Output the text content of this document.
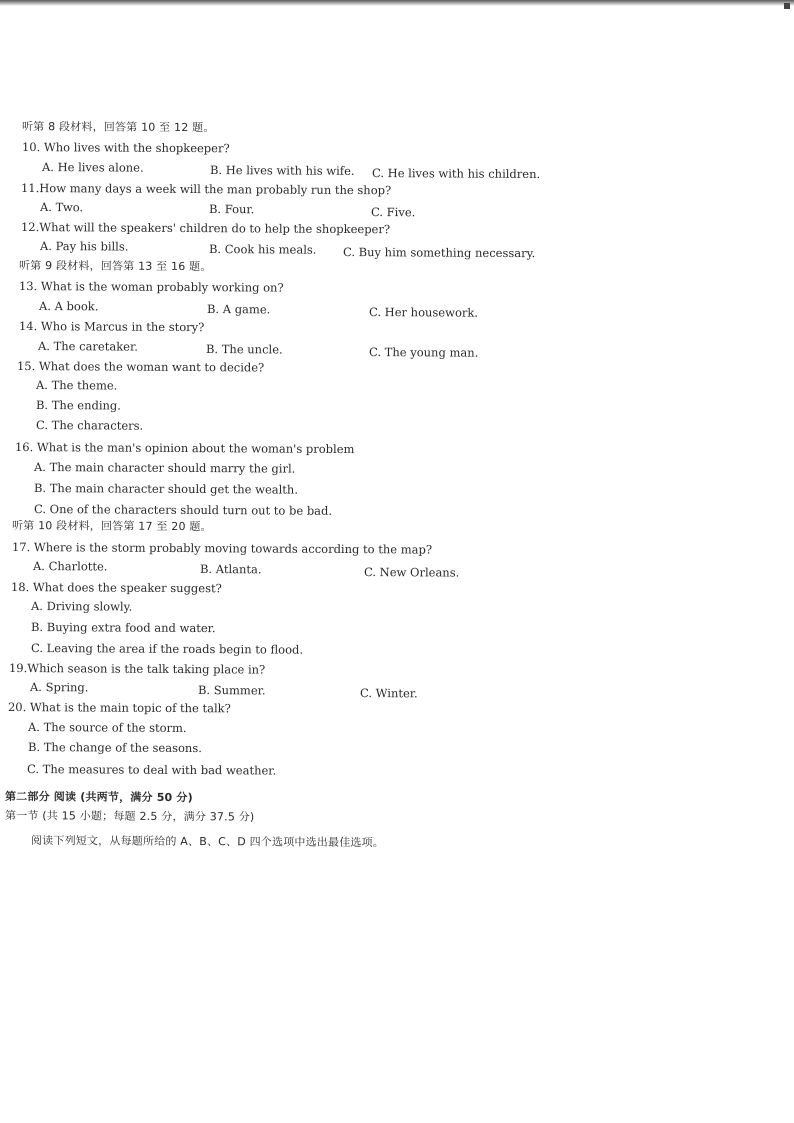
听第 8 段材料，回答第 10 至 12 题。
10. Who lives with the shopkeeper?
A. He lives alone.	B. He lives with his wife. C. He lives with his children.
11.How many days a week will the man probably run the shop?
A. Two.	B. Four.	C. Five.
12.What will the speakers' children do to help the shopkeeper?
A. Pay his bills.	B. Cook his meals. C. Buy him something necessary.
听第 9 段材料，回答第 13 至 16 题。
13. What is the woman probably working on?
A. A book.	B. A game.	C. Her housework.
14. Who is Marcus in the story?
A. The caretaker.	B. The uncle.	C. The young man.
15. What does the woman want to decide?
A. The theme.
B. The ending.
C. The characters.
16. What is the man's opinion about the woman's problem
A. The main character should marry the girl.
B. The main character should get the wealth.
C. One of the characters should turn out to be bad.
听第 10 段材料，回答第 17 至 20 题。
17. Where is the storm probably moving towards according to the map?
A. Charlotte.	B. Atlanta.	C. New Orleans.
18. What does the speaker suggest?
A. Driving slowly.
B. Buying extra food and water.
C. Leaving the area if the roads begin to flood.
19.Which season is the talk taking place in?
A. Spring.	B. Summer.	C. Winter.
20. What is the main topic of the talk?
A. The source of the storm.
B. The change of the seasons.
C. The measures to deal with bad weather.
第二部分 阅读 (共两节，满分 50 分)
第一节 (共 15 小题；每题 2.5 分，满分 37.5 分)
阅读下列短文，从每题所给的 A、B、C、D 四个选项中选出最佳选项。
